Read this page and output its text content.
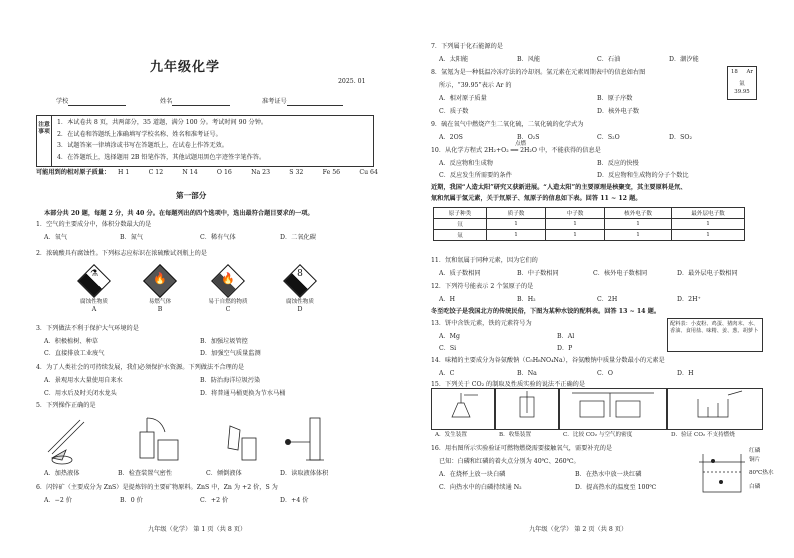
九年级化学
2025. 01
学校	姓名	准考证号
注意事项
1．本试卷共 8 页，共两部分，35 道题，满分 100 分。考试时间 90 分钟。
2．在试卷和答题纸上准确填写学校名称、姓名和准考证号。
3．试题答案一律填涂或书写在答题纸上，在试卷上作答无效。
4．在答题纸上，选择题用 2B 铅笔作答，其他试题用黑色字迹签字笔作答。
可能用到的相对原子质量： H 1	C 12	N 14	O 16	Na 23	S 32	Fe 56	Cu 64
第一部分
本部分共 20 题，每题 2 分，共 40 分。在每题列出的四个选项中，选出最符合题目要求的一项。
1．空气的主要成分中，体积分数最大的是
A．氧气	B．氮气	C．稀有气体	D．二氧化碳
2．浓硫酸具有腐蚀性。下列标志应标识在浓硫酸试剂瓶上的是
⚗
腐蚀性物质
A
🔥
易燃气体
B
🔥
易于自燃的物质
C
8
腐蚀性物质
D
3．下列做法不利于保护大气环境的是
A．积极植树、种草	B．加强垃圾管控
C．直接排放工业废气	D．加强空气质量监测
4．为了人类社会的可持续发展，我们必须保护水资源。下列做法不合理的是
A．景观用水大量使用自来水	B．防治海洋垃圾污染
C．用水后及时关闭水龙头	D．将普通马桶更换为节水马桶
5．下列操作正确的是
A．加热液体	B．检查装置气密性	C．倾倒液体	D．读取液体体积
6．闪锌矿（主要成分为 ZnS）是提炼锌的主要矿物原料。ZnS 中，Zn 为 +2 价，S 为
A．−2 价	B．0 价	C．+2 价	D．+4 价
九年级（化学） 第 1 页（共 8 页）
7．下列属于化石能源的是
A．太阳能	B．风能	C．石油	D．潮汐能
8．氩氪为是一种低温冷冻疗法的冷却剂。氩元素在元素周期表中的信息如右图
所示，“39.95”表示 Ar 的
A．相对原子质量	B．原子序数
C．质子数	D．核外电子数
18 Ar
氩
39.95
9．硫在氧气中燃烧产生二氧化硫，二氧化硫的化学式为
A．2OS	B．O₂S	C．S₂O	D．SO₂
点燃
10．从化学方程式 2H₂+O₂ ══ 2H₂O 中，不能获得的信息是
A．反应物和生成物	B．反应的快慢
C．反应发生所需要的条件	D．反应物和生成物的分子个数比
近期，我国“人造太阳”研究又获新进展。“人造太阳”的主要原理是核聚变，其主要原料是氘、
氚和氘属于氢元素，关于氘原子、氚原子的信息如下表。回答 11 ~ 12 题。
原子种类	质子数	中子数	核外电子数	最外层电子数
氘	1	1	1	1
氚	1	1	1	1
11．氘和氚属于同种元素，因为它们的
A．质子数相同	B．中子数相同	C．核外电子数相同	D．最外层电子数相同
12．下列符号能表示 2 个氢原子的是
A．H	B．H₂	C．2H	D．2H⁺
冬至吃饺子是我国北方的传统民俗，下图为某种水饺的配料表。回答 13 ~ 14 题。
13．饼中含铁元素，铁的元素符号为
A．Mg	B．Al
C．Si	D．P
配料表：小麦粉、鸡蛋、猪肉末、水、香油、食用盐、味精、姜、葱、胡萝卜
14．味精的主要成分为谷氨酸钠（C₅H₈NO₄Na），谷氨酸钠中质量分数最小的元素是
A．C	B．Na	C．O	D．H
15．下列关于 CO₂ 的制取及性质实验的说法不正确的是
A．发生装置	B．收集装置	C．比较 CO₂ 与空气的密度	D．验证 CO₂ 不支持燃烧
16．用右图所示实验验证可燃物燃烧需要接触氧气，需要补充的是
已知：白磷和红磷的着火点分别为 40℃、260℃。
A．在烧杯上放一块白磷	B．在热水中放一块红磷
C．向热水中的白磷持续通 N₂	D．提高热水的温度至 100℃
红磷
铜片
80℃热水
白磷
九年级（化学） 第 2 页（共 8 页）
